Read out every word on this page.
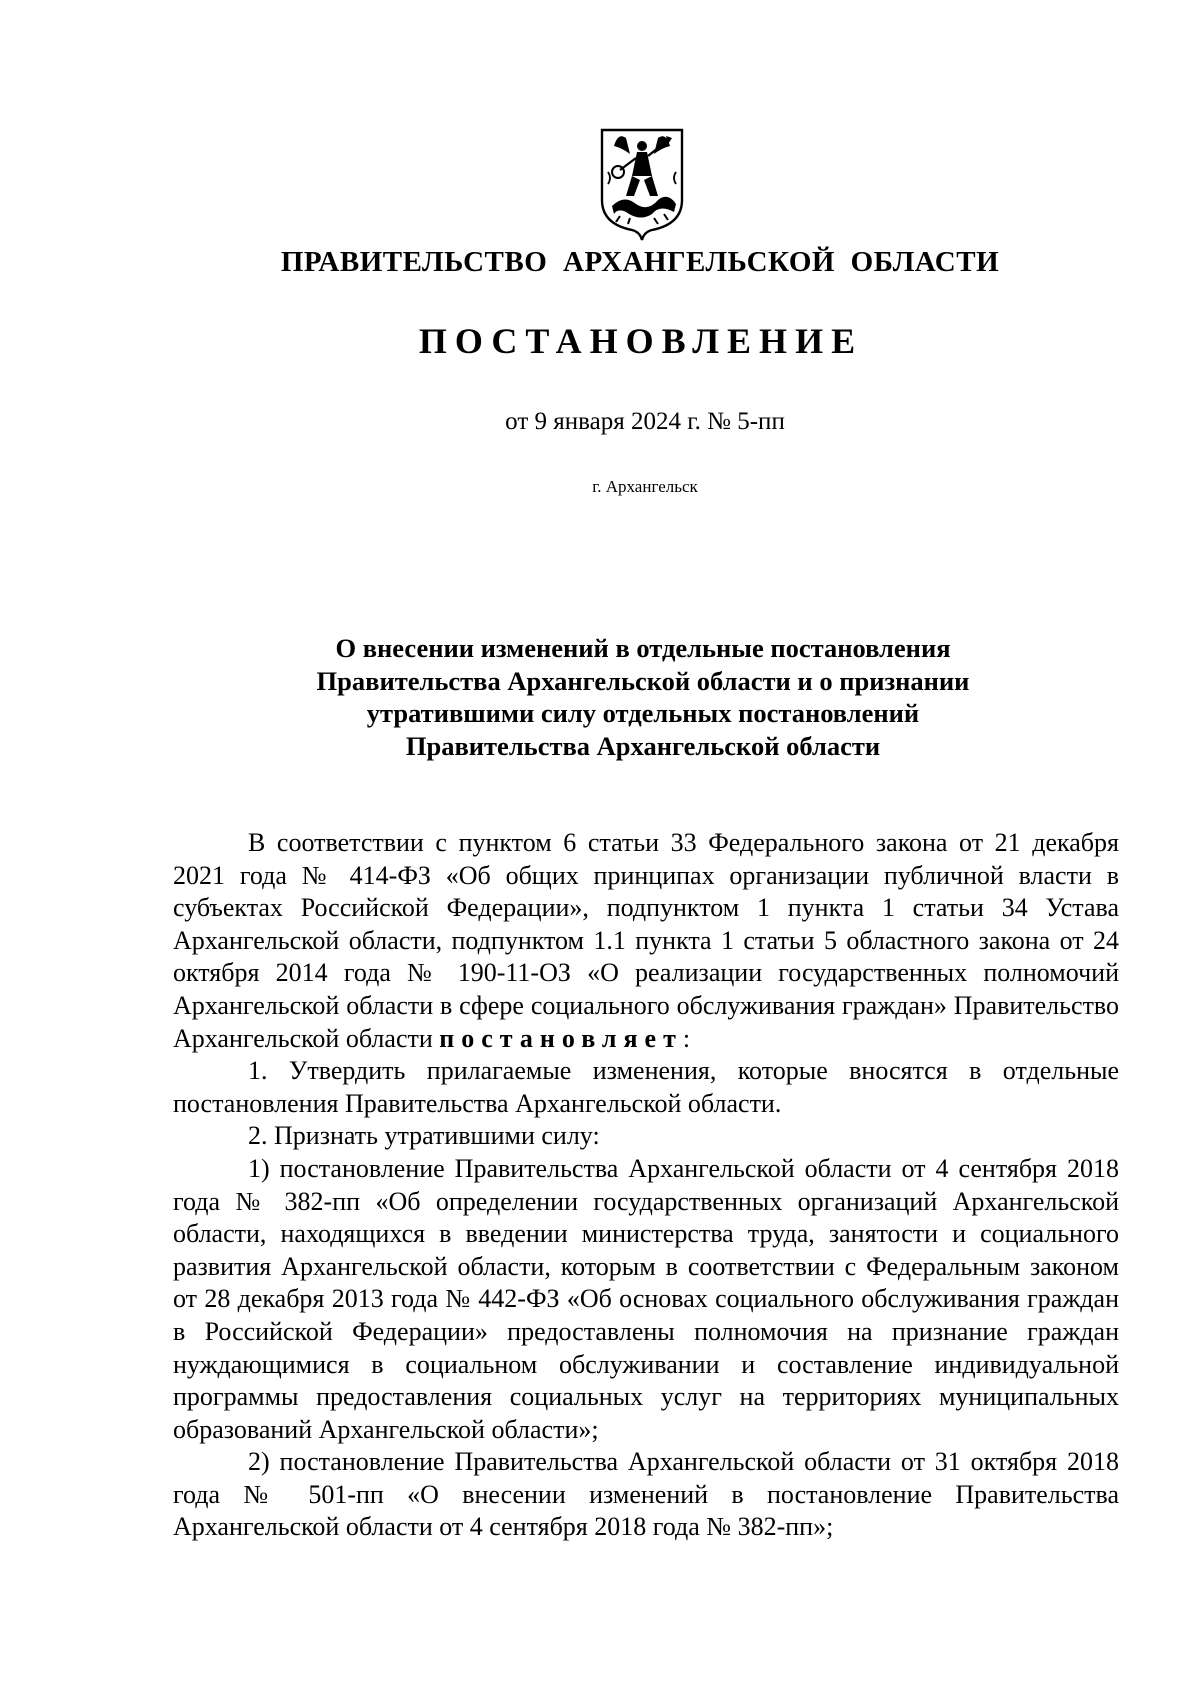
ПРАВИТЕЛЬСТВО АРХАНГЕЛЬСКОЙ ОБЛАСТИ
ПОСТАНОВЛЕНИЕ
от 9 января 2024 г. № 5-пп
г. Архангельск
О внесении изменений в отдельные постановления
Правительства Архангельской области и о признании
утратившими силу отдельных постановлений
Правительства Архангельской области

В соответствии с пунктом 6 статьи 33 Федерального закона от 21 декабря 2021 года № 414-ФЗ «Об общих принципах организации публичной власти в субъектах Российской Федерации», подпунктом 1 пункта 1 статьи 34 Устава Архангельской области, подпунктом 1.1 пункта 1 статьи 5 областного закона от 24 октября 2014 года № 190-11-ОЗ «О реализации государственных полномочий Архангельской области в сфере социального обслуживания граждан» Правительство Архангельской области постановляет:

1. Утвердить прилагаемые изменения, которые вносятся в отдельные постановления Правительства Архангельской области.

2. Признать утратившими силу:

1) постановление Правительства Архангельской области от 4 сентября 2018 года № 382-пп «Об определении государственных организаций Архангельской области, находящихся в введении министерства труда, занятости и социального развития Архангельской области, которым в соответствии с Федеральным законом от 28 декабря 2013 года № 442-ФЗ «Об основах социального обслуживания граждан в Российской Федерации» предоставлены полномочия на признание граждан нуждающимися в социальном обслуживании и составление индивидуальной программы предоставления социальных услуг на территориях муниципальных образований Архангельской области»;

2) постановление Правительства Архангельской области от 31 октября 2018 года № 501-пп «О внесении изменений в постановление Правительства Архангельской области от 4 сентября 2018 года № 382-пп»;
